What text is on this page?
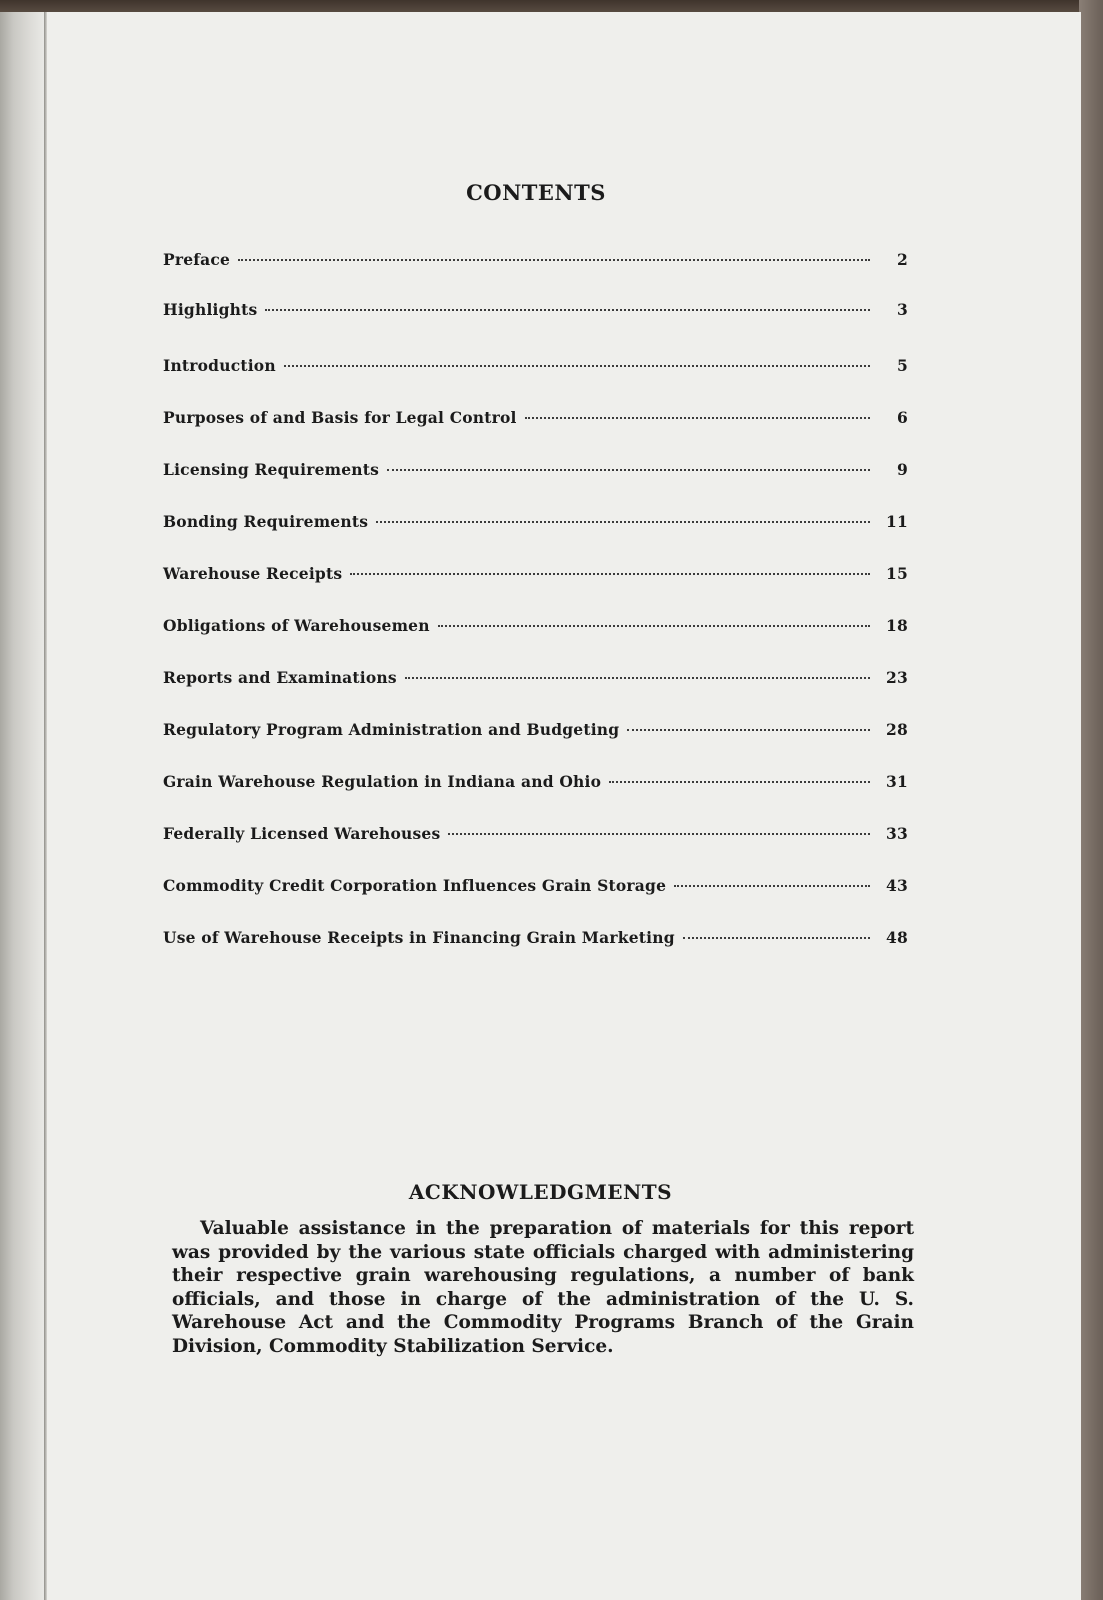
CONTENTS
Preface	2
Highlights	3
Introduction	5
Purposes of and Basis for Legal Control	6
Licensing Requirements	9
Bonding Requirements	11
Warehouse Receipts	15
Obligations of Warehousemen	18
Reports and Examinations	23
Regulatory Program Administration and Budgeting	28
Grain Warehouse Regulation in Indiana and Ohio	31
Federally Licensed Warehouses	33
Commodity Credit Corporation Influences Grain Storage	43
Use of Warehouse Receipts in Financing Grain Marketing	48
ACKNOWLEDGMENTS

Valuable assistance in the preparation of materials for this report was provided by the various state officials charged with administering their respective grain warehousing regulations, a number of bank officials, and those in charge of the administration of the U. S. Warehouse Act and the Commodity Programs Branch of the Grain Division, Commodity Stabilization Service.
